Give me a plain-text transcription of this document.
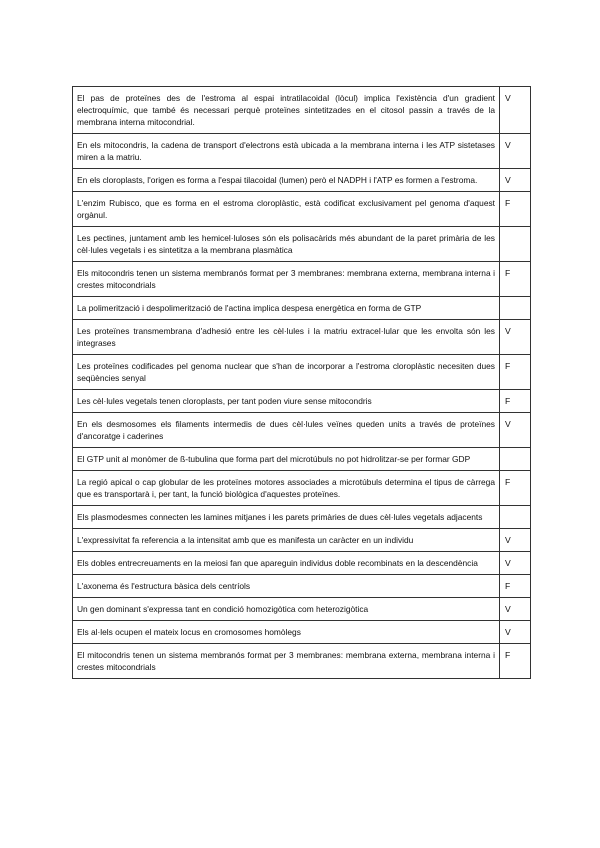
El pas de proteïnes des de l'estroma al espai intratilacoidal (lòcul) implica l'existència d'un gradient electroquímic, que també és necessari perquè proteïnes sintetitzades en el citosol passin a través de la membrana interna mitocondrial.	V
En els mitocondris, la cadena de transport d'electrons està ubicada a la membrana interna i les ATP sistetases miren a la matriu.	V
En els cloroplasts, l'origen es forma a l'espai tilacoidal (lumen) però el NADPH i l'ATP es formen a l'estroma.	V
L'enzim Rubisco, que es forma en el estroma cloroplàstic, està codificat exclusivament pel genoma d'aquest orgànul.	F
Les pectines, juntament amb les hemicel·luloses són els polisacàrids més abundant de la paret primària de les cèl·lules vegetals i es sintetitza a la membrana plasmàtica	
Els mitocondris tenen un sistema membranós format per 3 membranes: membrana externa, membrana interna i crestes mitocondrials	F
La polimerització i despolimerització de l'actina implica despesa energètica en forma de GTP	
Les proteïnes transmembrana d'adhesió entre les cèl·lules i la matriu extracel·lular que les envolta són les integrases	V
Les proteïnes codificades pel genoma nuclear que s'han de incorporar a l'estroma cloroplàstic necesiten dues seqüències senyal	F
Les cèl·lules vegetals tenen cloroplasts, per tant poden viure sense mitocondris	F
En els desmosomes els filaments intermedis de dues cèl·lules veïnes queden units a través de proteïnes d'ancoratge i caderines	V
El GTP unit al monòmer de ß-tubulina que forma part del microtúbuls no pot hidrolitzar-se per formar GDP	
La regió apical o cap globular de les proteïnes motores associades a microtúbuls determina el tipus de càrrega que es transportarà i, per tant, la funció biològica d'aquestes proteïnes.	F
Els plasmodesmes connecten les lamines mitjanes i les parets primàries de dues cèl·lules vegetals adjacents	
L'expressivitat fa referencia a la intensitat amb que es manifesta un caràcter en un individu	V
Els dobles entrecreuaments en la meiosi fan que apareguin individus doble recombinats en la descendència	V
L'axonema és l'estructura bàsica dels centríols	F
Un gen dominant s'expressa tant en condició homozigòtica com heterozigòtica	V
Els al·lels ocupen el mateix locus en cromosomes homòlegs	V
El mitocondris tenen un sistema membranós format per 3 membranes: membrana externa, membrana interna i crestes mitocondrials	F
